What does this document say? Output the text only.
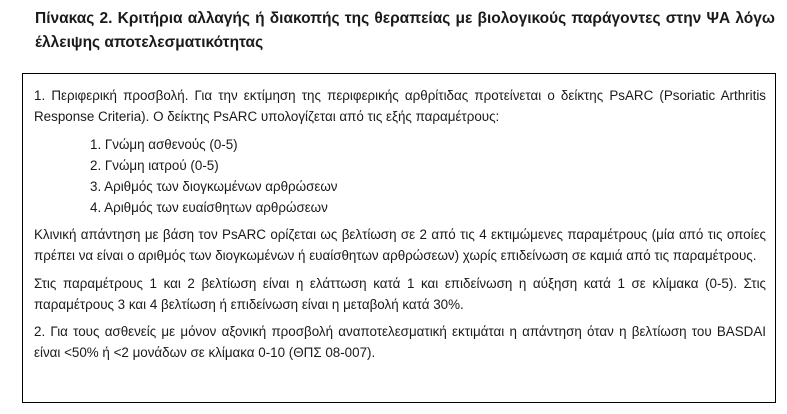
Πίνακας 2. Κριτήρια αλλαγής ή διακοπής της θεραπείας με βιολογικούς παράγοντες στην ΨΑ λόγω έλλειψης αποτελεσματικότητας

1. Περιφερική προσβολή. Για την εκτίμηση της περιφερικής αρθρίτιδας προτείνεται ο δείκτης PsARC (Psoriatic Arthritis Response Criteria). Ο δείκτης PsARC υπολογίζεται από τις εξής παραμέτρους:

1. Γνώμη ασθενούς (0-5)
2. Γνώμη ιατρού (0-5)
3. Αριθμός των διογκωμένων αρθρώσεων
4. Αριθμός των ευαίσθητων αρθρώσεων

Κλινική απάντηση με βάση τον PsARC ορίζεται ως βελτίωση σε 2 από τις 4 εκτιμώμενες παραμέτρους (μία από τις οποίες πρέπει να είναι ο αριθμός των διογκωμένων ή ευαίσθητων αρθρώσεων) χωρίς επιδείνωση σε καμιά από τις παραμέτρους.

Στις παραμέτρους 1 και 2 βελτίωση είναι η ελάττωση κατά 1 και επιδείνωση η αύξηση κατά 1 σε κλίμακα (0-5). Στις παραμέτρους 3 και 4 βελτίωση ή επιδείνωση είναι η μεταβολή κατά 30%.

2. Για τους ασθενείς με μόνον αξονική προσβολή αναποτελεσματική εκτιμάται η απάντηση όταν η βελτίωση του BASDAI είναι <50% ή <2 μονάδων σε κλίμακα 0-10 (ΘΠΣ 08-007).
